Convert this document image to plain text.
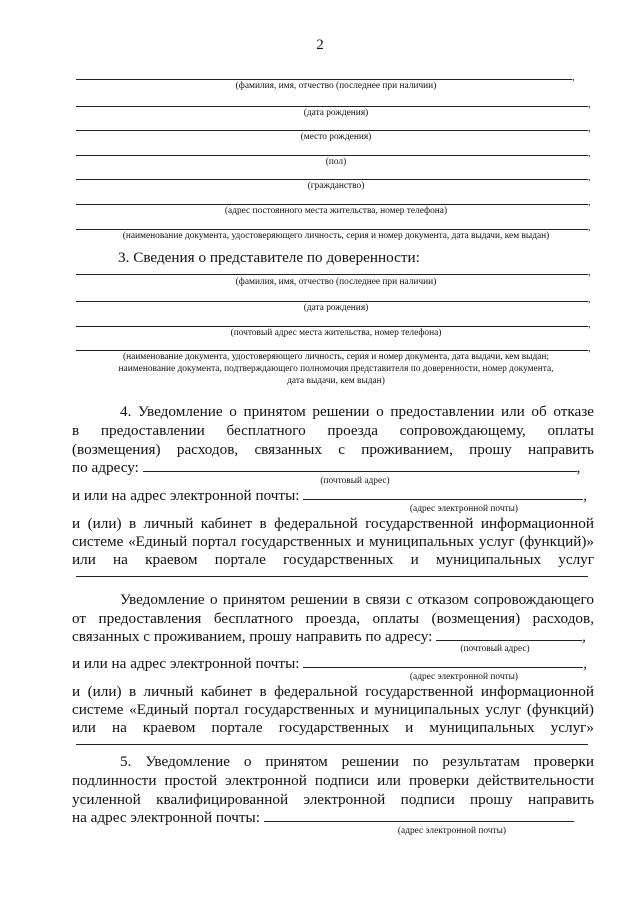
2
,
(фамилия, имя, отчество (последнее при наличии)
,
(дата рождения)
,
(место рождения)
,
(пол)
,
(гражданство)
,
(адрес постоянного места жительства, номер телефона)
,
(наименование документа, удостоверяющего личность, серия и номер документа, дата выдачи, кем выдан)
3. Сведения о представителе по доверенности:
,
(фамилия, имя, отчество (последнее при наличии)
,
(дата рождения)
,
(почтовый адрес места жительства, номер телефона)
,
(наименование документа, удостоверяющего личность, серия и номер документа, дата выдачи, кем выдан;
наименование документа, подтверждающего полномочия представителя по доверенности, номер документа,
дата выдачи, кем выдан)
4. Уведомление о принятом решении о предоставлении или об отказе
в предоставлении бесплатного проезда сопровождающему, оплаты
(возмещения) расходов, связанных с проживанием, прошу направить
по адресу:	,
(почтовый адрес)
и или на адрес электронной почты:	,
(адрес электронной почты)
и (или) в личный кабинет в федеральной государственной информационной
системе «Единый портал государственных и муниципальных услуг (функций)»
или на краевом портале государственных и муниципальных услуг
Уведомление о принятом решении в связи с отказом сопровождающего
от предоставления бесплатного проезда, оплаты (возмещения) расходов,
связанных с проживанием, прошу направить по адресу:	,
(почтовый адрес)
и или на адрес электронной почты:	,
(адрес электронной почты)
и (или) в личный кабинет в федеральной государственной информационной
системе «Единый портал государственных и муниципальных услуг (функций)
или на краевом портале государственных и муниципальных услуг»
5. Уведомление о принятом решении по результатам проверки
подлинности простой электронной подписи или проверки действительности
усиленной квалифицированной электронной подписи прошу направить
на адрес электронной почты:
(адрес электронной почты)
